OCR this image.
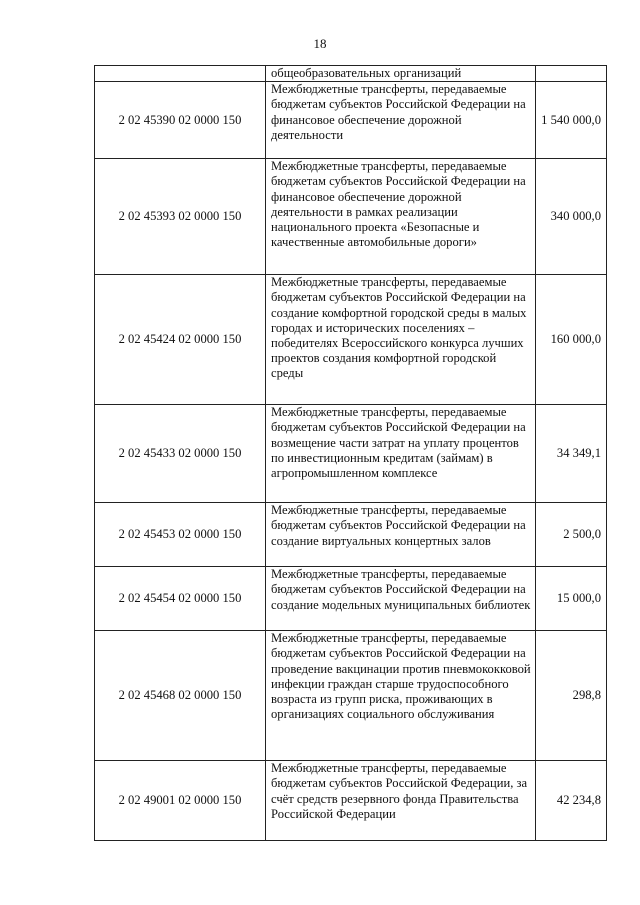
18
	общеобразовательных организаций	
2 02 45390 02 0000 150	Межбюджетные трансферты, передаваемые бюджетам субъектов Российской Федерации на финансовое обеспечение дорожной деятельности	1 540 000,0
2 02 45393 02 0000 150	Межбюджетные трансферты, передаваемые бюджетам субъектов Российской Федерации на финансовое обеспечение дорожной деятельности в рамках реализации национального проекта «Безопасные и качественные автомобильные дороги»	340 000,0
2 02 45424 02 0000 150	Межбюджетные трансферты, передаваемые бюджетам субъектов Российской Федерации на создание комфортной городской среды в малых городах и исторических поселениях – победителях Всероссийского конкурса лучших проектов создания комфортной городской среды	160 000,0
2 02 45433 02 0000 150	Межбюджетные трансферты, передаваемые бюджетам субъектов Российской Федерации на возмещение части затрат на уплату процентов по инвестиционным кредитам (займам) в агропромышленном комплексе	34 349,1
2 02 45453 02 0000 150	Межбюджетные трансферты, передаваемые бюджетам субъектов Российской Федерации на создание виртуальных концертных залов	2 500,0
2 02 45454 02 0000 150	Межбюджетные трансферты, передаваемые бюджетам субъектов Российской Федерации на создание модельных муниципальных библиотек	15 000,0
2 02 45468 02 0000 150	Межбюджетные трансферты, передаваемые бюджетам субъектов Российской Федерации на проведение вакцинации против пневмококковой инфекции граждан старше трудоспособного возраста из групп риска, проживающих в организациях социального обслуживания	298,8
2 02 49001 02 0000 150	Межбюджетные трансферты, передаваемые бюджетам субъектов Российской Федерации, за счёт средств резервного фонда Правительства Российской Федерации	42 234,8
